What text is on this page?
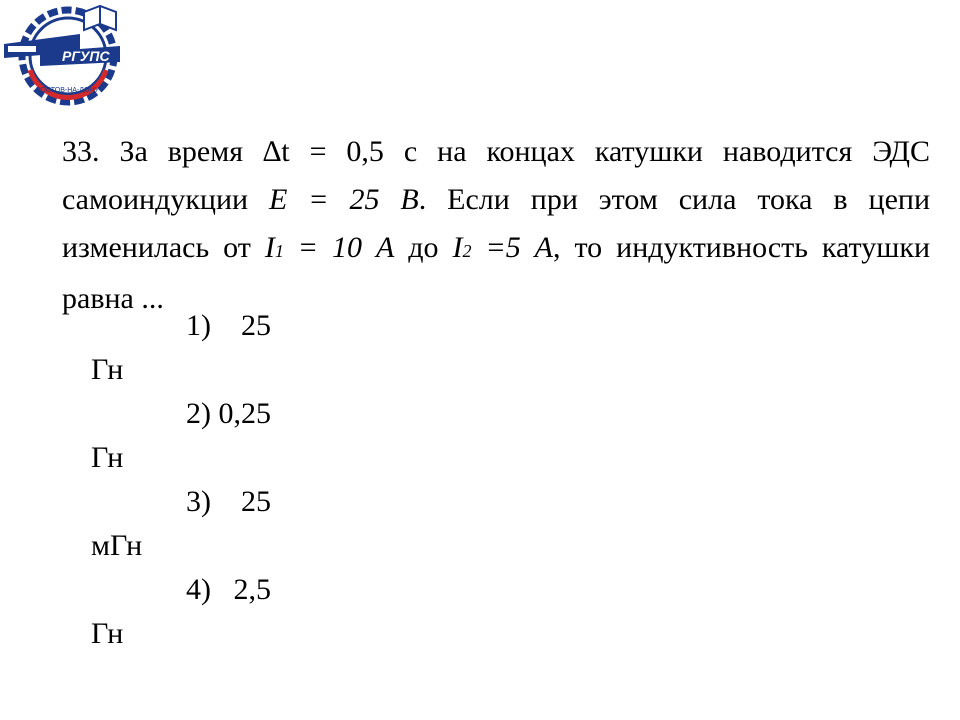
РГУПС
РОСТОВ-НА-ДОНУ

33. За время ∆t = 0,5 с на концах катушки наводится ЭДС самоиндукции E = 25 В. Если при этом сила тока в цепи изменилась от I1 = 10 А до I2 =5 А, то индуктивность катушки равна ...

1)    25
Гн
2) 0,25
Гн
3)    25
мГн
4)   2,5
Гн
